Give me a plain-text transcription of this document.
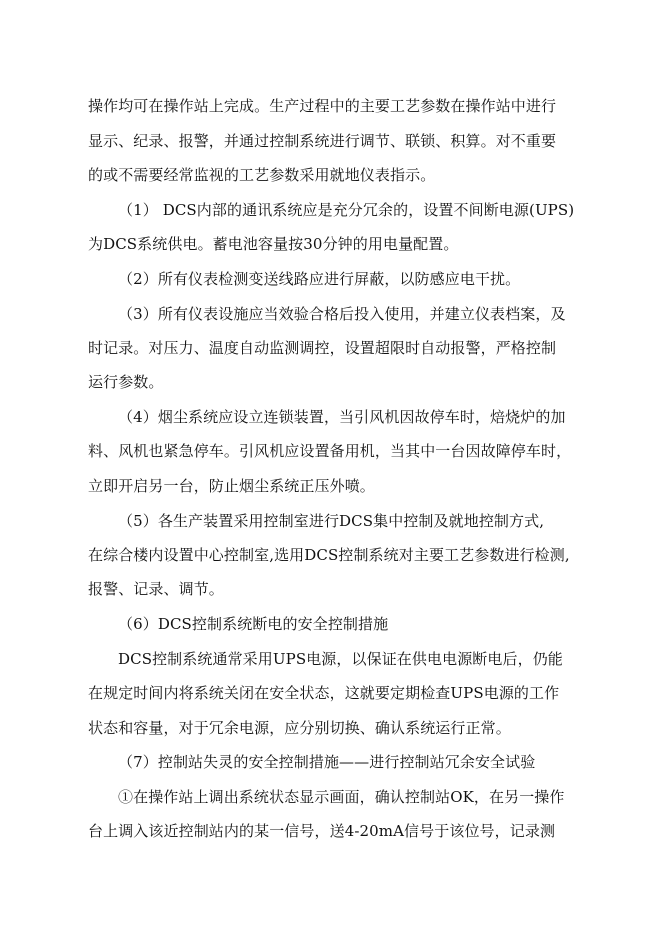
操作均可在操作站上完成。生产过程中的主要工艺参数在操作站中进行
显示、纪录、报警，并通过控制系统进行调节、联锁、积算。对不重要
的或不需要经常监视的工艺参数采用就地仪表指示。
（1） DCS内部的通讯系统应是充分冗余的，设置不间断电源(UPS)
为DCS系统供电。蓄电池容量按30分钟的用电量配置。
（2）所有仪表检测变送线路应进行屏蔽，以防感应电干扰。
（3）所有仪表设施应当效验合格后投入使用，并建立仪表档案，及
时记录。对压力、温度自动监测调控，设置超限时自动报警，严格控制
运行参数。
（4）烟尘系统应设立连锁装置，当引风机因故停车时，焙烧炉的加
料、风机也紧急停车。引风机应设置备用机，当其中一台因故障停车时，
立即开启另一台，防止烟尘系统正压外喷。
（5）各生产装置采用控制室进行DCS集中控制及就地控制方式,
在综合楼内设置中心控制室,选用DCS控制系统对主要工艺参数进行检测,
报警、记录、调节。
（6）DCS控制系统断电的安全控制措施
DCS控制系统通常采用UPS电源，以保证在供电电源断电后，仍能
在规定时间内将系统关闭在安全状态，这就要定期检查UPS电源的工作
状态和容量，对于冗余电源，应分别切换、确认系统运行正常。
（7）控制站失灵的安全控制措施——进行控制站冗余安全试验
①在操作站上调出系统状态显示画面，确认控制站OK，在另一操作
台上调入该近控制站内的某一信号，送4-20mA信号于该位号，记录测
